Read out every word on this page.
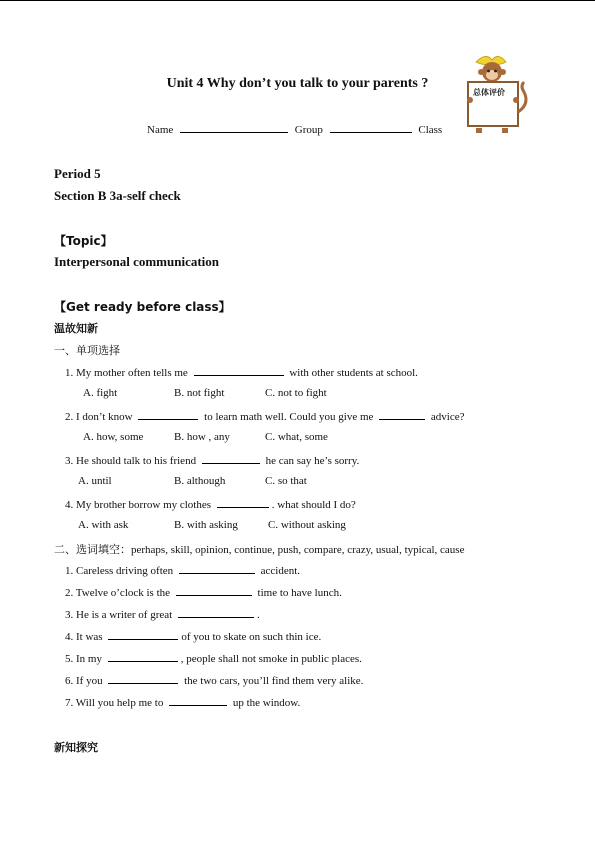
Unit 4 Why don’t you talk to your parents ?
总体评价
Name	Group	Class
Period 5
Section B 3a-self check
【Topic】
Interpersonal communication
【Get ready before class】
温故知新
一、单项选择
1. My mother often tells me	with other students at school.
A. fight	B. not fight	C. not to fight
2. I don’t know	to learn math well. Could you give me	advice?
A. how, some	B. how , any	C. what, some
3. He should talk to his friend	he can say he’s sorry.
A. until	B. although	C. so that
4. My brother borrow my clothes	. what should I do?
A. with ask	B. with asking	C. without asking
二、选词填空：perhaps, skill, opinion, continue, push, compare, crazy, usual, typical, cause
1. Careless driving often	accident.
2. Twelve o’clock is the	time to have lunch.
3. He is a writer of great	.
4. It was	of you to skate on such thin ice.
5. In my	, people shall not smoke in public places.
6. If you	the two cars, you’ll find them very alike.
7. Will you help me to	up the window.
新知探究
